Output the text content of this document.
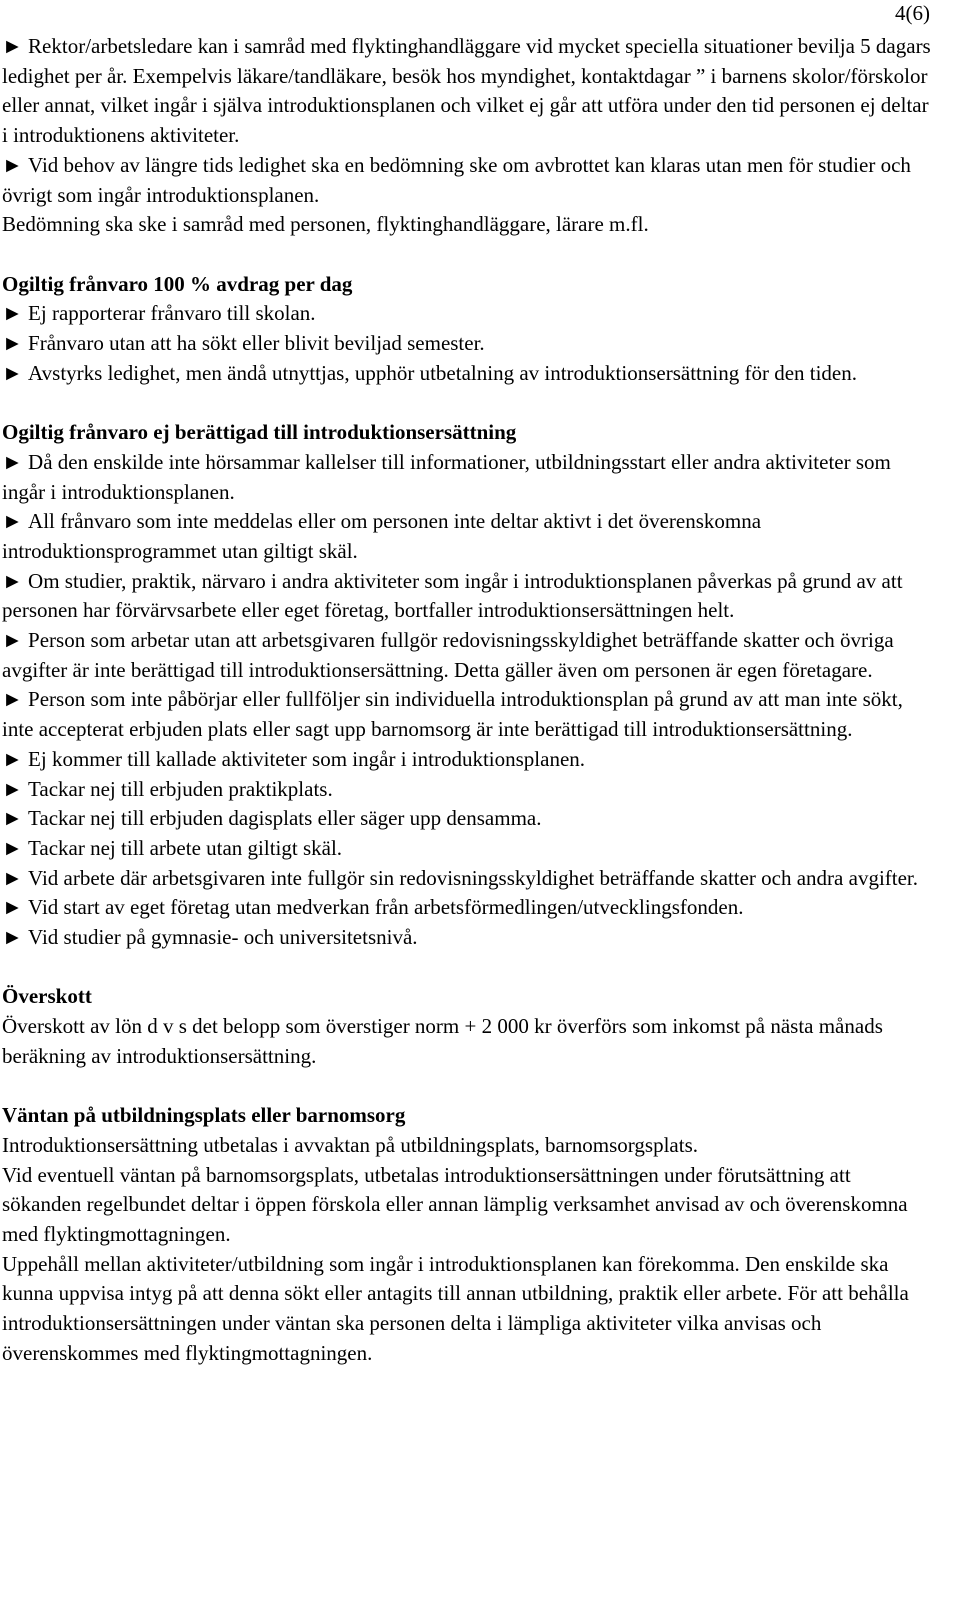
4(6)

► Rektor/arbetsledare kan i samråd med flyktinghandläggare vid mycket speciella situationer bevilja 5 dagars ledighet per år. Exempelvis läkare/tandläkare, besök hos myndighet, kontaktdagar ” i barnens skolor/förskolor eller annat, vilket ingår i själva introduktionsplanen och vilket ej går att utföra under den tid personen ej deltar i introduktionens aktiviteter.

► Vid behov av längre tids ledighet ska en bedömning ske om avbrottet kan klaras utan men för studier och övrigt som ingår introduktionsplanen.

Bedömning ska ske i samråd med personen, flyktinghandläggare, lärare m.fl.

Ogiltig frånvaro 100 % avdrag per dag

► Ej rapporterar frånvaro till skolan.

► Frånvaro utan att ha sökt eller blivit beviljad semester.

► Avstyrks ledighet, men ändå utnyttjas, upphör utbetalning av introduktionsersättning för den tiden.

Ogiltig frånvaro ej berättigad till introduktionsersättning

► Då den enskilde inte hörsammar kallelser till informationer, utbildningsstart eller andra aktiviteter som ingår i introduktionsplanen.

► All frånvaro som inte meddelas eller om personen inte deltar aktivt i det överenskomna introduktionsprogrammet utan giltigt skäl.

► Om studier, praktik, närvaro i andra aktiviteter som ingår i introduktionsplanen påverkas på grund av att personen har förvärvsarbete eller eget företag, bortfaller introduktionsersättningen helt.

► Person som arbetar utan att arbetsgivaren fullgör redovisningsskyldighet beträffande skatter och övriga avgifter är inte berättigad till introduktionsersättning. Detta gäller även om personen är egen företagare.

► Person som inte påbörjar eller fullföljer sin individuella introduktionsplan på grund av att man inte sökt, inte accepterat erbjuden plats eller sagt upp barnomsorg är inte berättigad till introduktionsersättning.

► Ej kommer till kallade aktiviteter som ingår i introduktionsplanen.

► Tackar nej till erbjuden praktikplats.

► Tackar nej till erbjuden dagisplats eller säger upp densamma.

► Tackar nej till arbete utan giltigt skäl.

► Vid arbete där arbetsgivaren inte fullgör sin redovisningsskyldighet beträffande skatter och andra avgifter.

► Vid start av eget företag utan medverkan från arbetsförmedlingen/utvecklingsfonden.

► Vid studier på gymnasie- och universitetsnivå.

Överskott

Överskott av lön d v s det belopp som överstiger norm + 2 000 kr överförs som inkomst på nästa månads beräkning av introduktionsersättning.

Väntan på utbildningsplats eller barnomsorg

Introduktionsersättning utbetalas i avvaktan på utbildningsplats, barnomsorgsplats.

Vid eventuell väntan på barnomsorgsplats, utbetalas introduktionsersättningen under förutsättning att sökanden regelbundet deltar i öppen förskola eller annan lämplig verksamhet anvisad av och överenskomna med flyktingmottagningen.

Uppehåll mellan aktiviteter/utbildning som ingår i introduktionsplanen kan förekomma. Den enskilde ska kunna uppvisa intyg på att denna sökt eller antagits till annan utbildning, praktik eller arbete. För att behålla introduktionsersättningen under väntan ska personen delta i lämpliga aktiviteter vilka anvisas och överenskommes med flyktingmottagningen.
